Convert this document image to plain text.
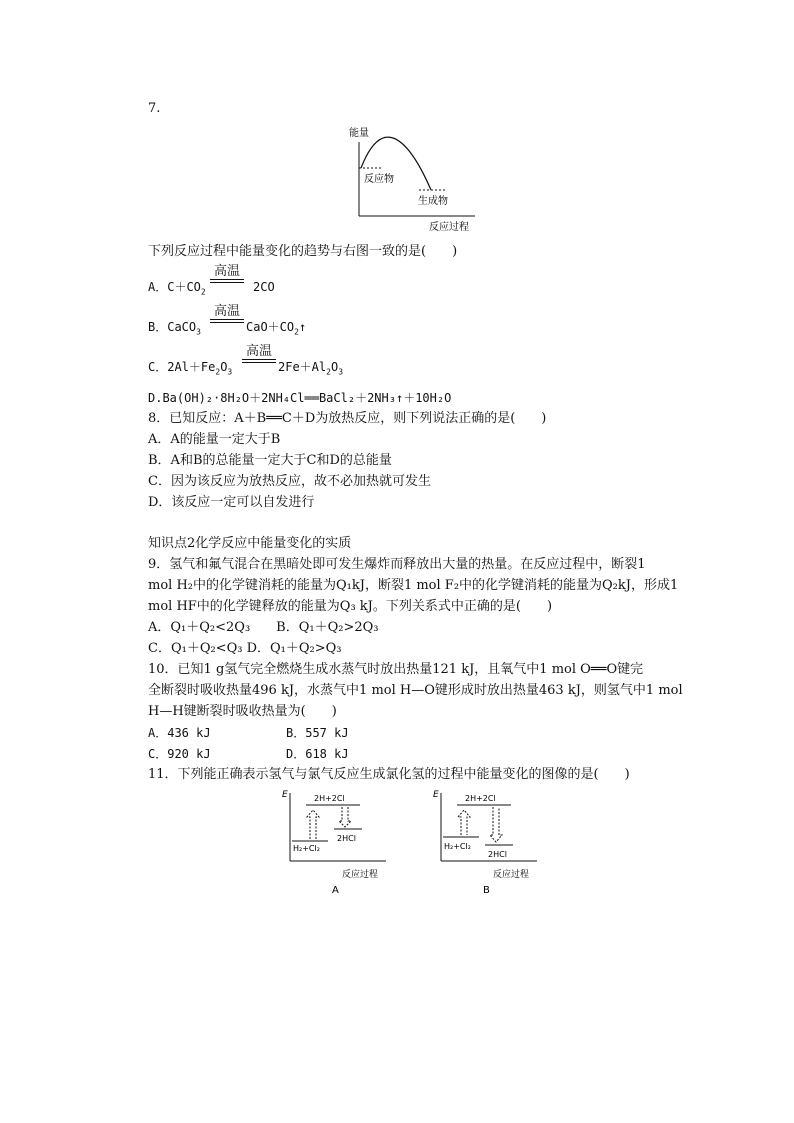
7.
能量
反应物
生成物
反应过程
下列反应过程中能量变化的趋势与右图一致的是(　　)
A．$C+CO_2$
高温
2CO
B．CaCO$_3$
高温
$CaO+CO_2↑$
C．$2Al+Fe_2O_3$
高温
$2Fe+Al_2O_3$
D.Ba(OH)₂·8H₂O＋2NH₄Cl══BaCl₂＋2NH₃↑＋10H₂O
8．已知反应：A＋B══C＋D为放热反应，则下列说法正确的是(　　)
A．A的能量一定大于B
B．A和B的总能量一定大于C和D的总能量
C．因为该反应为放热反应，故不必加热就可发生
D．该反应一定可以自发进行
知识点2化学反应中能量变化的实质
9．氢气和氟气混合在黑暗处即可发生爆炸而释放出大量的热量。在反应过程中，断裂1
mol H₂中的化学键消耗的能量为Q₁kJ，断裂1 mol F₂中的化学键消耗的能量为Q₂kJ，形成1
mol HF中的化学键释放的能量为Q₃ kJ。下列关系式中正确的是(　　)
A．Q₁＋Q₂<2Q₃　　B．Q₁＋Q₂>2Q₃
C．Q₁＋Q₂<Q₃ D．Q₁＋Q₂>Q₃
10．已知1 g氢气完全燃烧生成水蒸气时放出热量121 kJ，且氧气中1 mol O══O键完
全断裂时吸收热量496 kJ，水蒸气中1 mol H—O键形成时放出热量463 kJ，则氢气中1 mol
H—H键断裂时吸收热量为(　　)
A．436 kJ	B．557 kJ
C．920 kJ	D．618 kJ
11．下列能正确表示氢气与氯气反应生成氯化氢的过程中能量变化的图像的是(　　)
E	2H+2Cl
H₂+Cl₂
2HCl
反应过程
A
E	2H+2Cl
H₂+Cl₂
2HCl
反应过程
B
